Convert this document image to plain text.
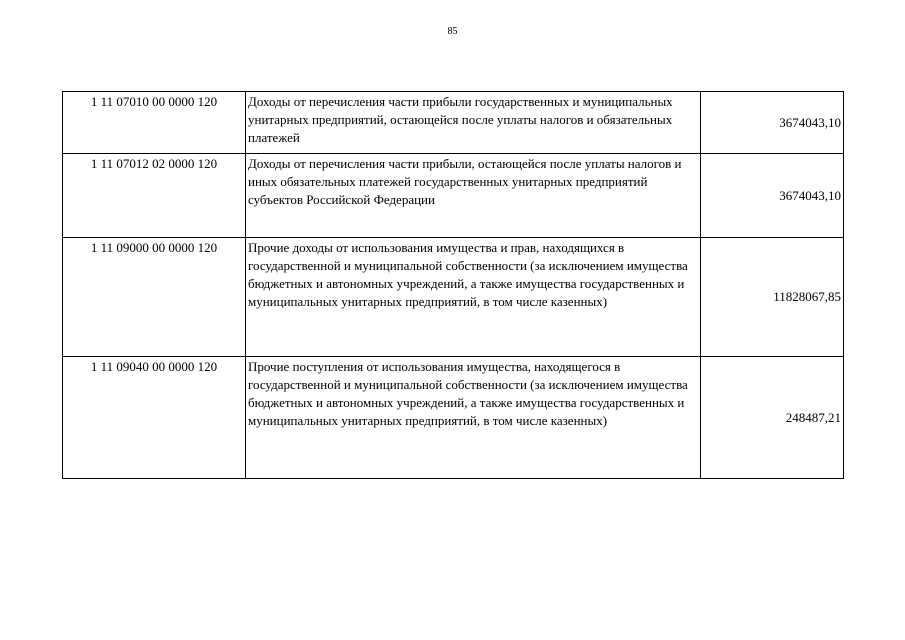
85
1 11 07010 00 0000 120	Доходы от перечисления части прибыли государственных и муниципальных унитарных предприятий, остающейся после уплаты налогов и обязательных платежей	3674043,10
1 11 07012 02 0000 120	Доходы от перечисления части прибыли, остающейся после уплаты налогов и иных обязательных платежей государственных унитарных предприятий субъектов Российской Федерации	3674043,10
1 11 09000 00 0000 120	Прочие доходы от использования имущества и прав, находящихся в государственной и муниципальной собственности (за исключением имущества бюджетных и автономных учреждений, а также имущества государственных и муниципальных унитарных предприятий, в том числе казенных)	11828067,85
1 11 09040 00 0000 120	Прочие поступления от использования имущества, находящегося в государственной и муниципальной собственности (за исключением имущества бюджетных и автономных учреждений, а также имущества государственных и муниципальных унитарных предприятий, в том числе казенных)	248487,21
